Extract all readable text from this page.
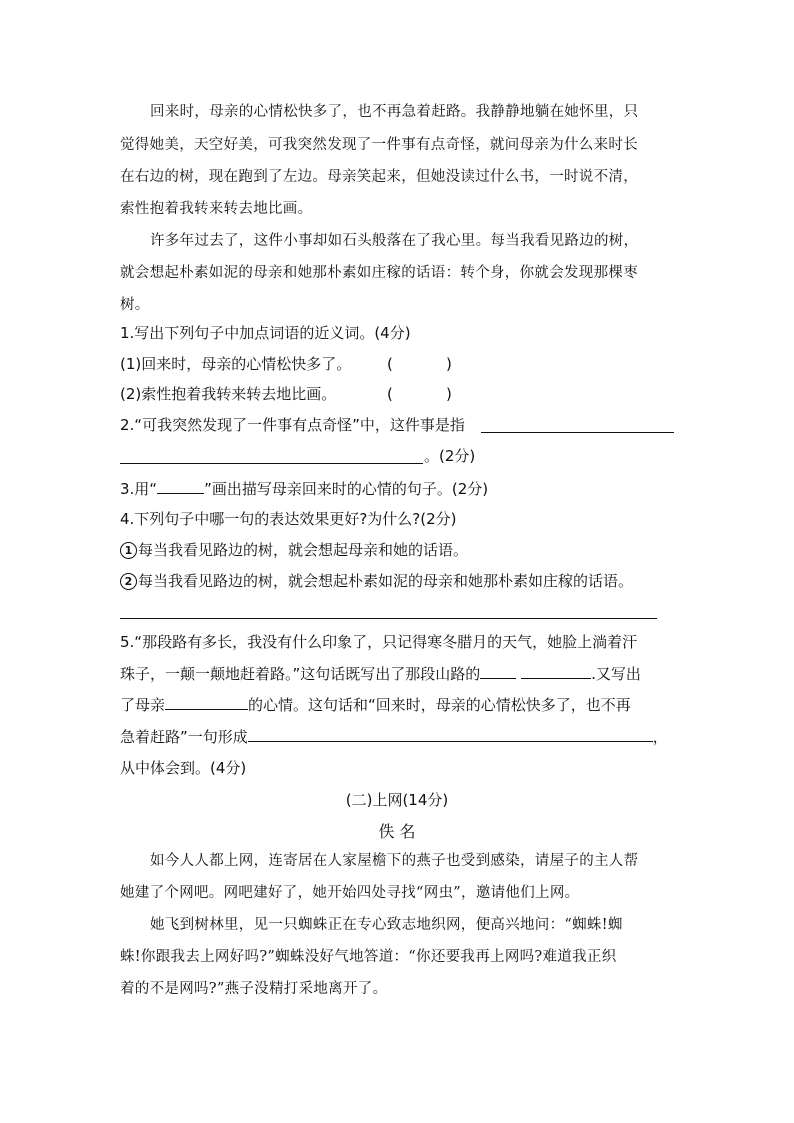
回来时，母亲的心情松快多了，也不再急着赶路。我静静地躺在她怀里，只
觉得她美，天空好美，可我突然发现了一件事有点奇怪，就问母亲为什么来时长
在右边的树，现在跑到了左边。母亲笑起来，但她没读过什么书，一时说不清，
索性抱着我转来转去地比画。
许多年过去了，这件小事却如石头般落在了我心里。每当我看见路边的树，
就会想起朴素如泥的母亲和她那朴素如庄稼的话语：转个身，你就会发现那棵枣
树。
1.写出下列句子中加点词语的近义词。(4分)
(1)回来时，母亲的心情松快多了。 (	)
(2)索性抱着我转来转去地比画。	(	)
2.“可我突然发现了一件事有点奇怪”中，这件事是指
。(2分)
3.用“	”画出描写母亲回来时的心情的句子。(2分)
4.下列句子中哪一句的表达效果更好?为什么?(2分)
1 每当我看见路边的树，就会想起母亲和她的话语。
2 每当我看见路边的树，就会想起朴素如泥的母亲和她那朴素如庄稼的话语。
5.“那段路有多长，我没有什么印象了，只记得寒冬腊月的天气，她脸上淌着汗
珠子，一颠一颠地赶着路。”这句话既写出了那段山路的	.又写出
了母亲	的心情。这句话和“回来时，母亲的心情松快多了，也不再
急着赶路”一句形成	，
从中体会到。(4分)
(二)上网(14分)
佚 名
如今人人都上网，连寄居在人家屋檐下的燕子也受到感染，请屋子的主人帮
她建了个网吧。网吧建好了，她开始四处寻找“网虫”，邀请他们上网。
她飞到树林里，见一只蜘蛛正在专心致志地织网，便高兴地问：“蜘蛛!蜘
蛛!你跟我去上网好吗?”蜘蛛没好气地答道：“你还要我再上网吗?难道我正织
着的不是网吗?”燕子没精打采地离开了。
